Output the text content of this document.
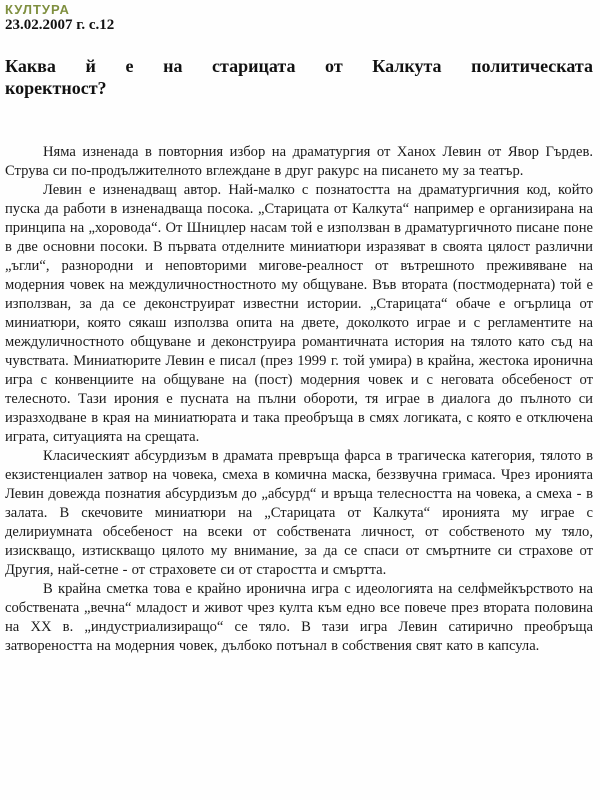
КУЛТУРА
23.02.2007 г. с.12
Каква й е на старицата от Калкута политическата
коректност?

Няма изненада в повторния избор на драматургия от Ханох Левин от Явор Гърдев. Струва си по-продължителното вглеждане в друг ракурс на писането му за театър.

Левин е изненадващ автор. Най-малко с познатостта на драматургичния код, който пуска да работи в изненадваща посока. „Старицата от Калкута“ например е организирана на принципа на „хоровода“. От Шницлер насам той е използван в драматургичното писане поне в две основни посоки. В първата отделните миниатюри изразяват в своята цялост различни „ъгли“, разнородни и неповторими мигове-реалност от вътрешното преживяване на модерния човек на междуличностностното му общуване. Във втората (постмодерната) той е използван, за да се деконструират известни истории. „Старицата“ обаче е огърлица от миниатюри, която сякаш използва опита на двете, доколкото играе и с регламентите на междуличностното общуване и деконструира романтичната история на тялото като съд на чувствата. Миниатюрите Левин е писал (през 1999 г. той умира) в крайна, жестока иронична игра с конвенциите на общуване на (пост) модерния човек и с неговата обсебеност от телесното. Тази ирония е пусната на пълни обороти, тя играе в диалога до пълното си изразходване в края на миниатюрата и така преобръща в смях логиката, с която е отключена играта, ситуацията на срещата.

Класическият абсурдизъм в драмата превръща фарса в трагическа категория, тялото в екзистенциален затвор на човека, смеха в комична маска, беззвучна гримаса. Чрез иронията Левин довежда познатия абсурдизъм до „абсурд“ и връща телесността на човека, а смеха - в залата. В скечовите миниатюри на „Старицата от Калкута“ иронията му играе с делириумната обсебеност на всеки от собствената личност, от собственото му тяло, изискващо, изтискващо цялото му внимание, за да се спаси от смъртните си страхове от Другия, най-сетне - от страховете си от старостта и смъртта.

В крайна сметка това е крайно иронична игра с идеологията на селфмейкърството на собствената „вечна“ младост и живот чрез култа към едно все повече през втората половина на ХХ в. „индустриализиращо“ се тяло. В тази игра Левин сатирично преобръща затвореността на модерния човек, дълбоко потънал в собствения свят като в капсула.
